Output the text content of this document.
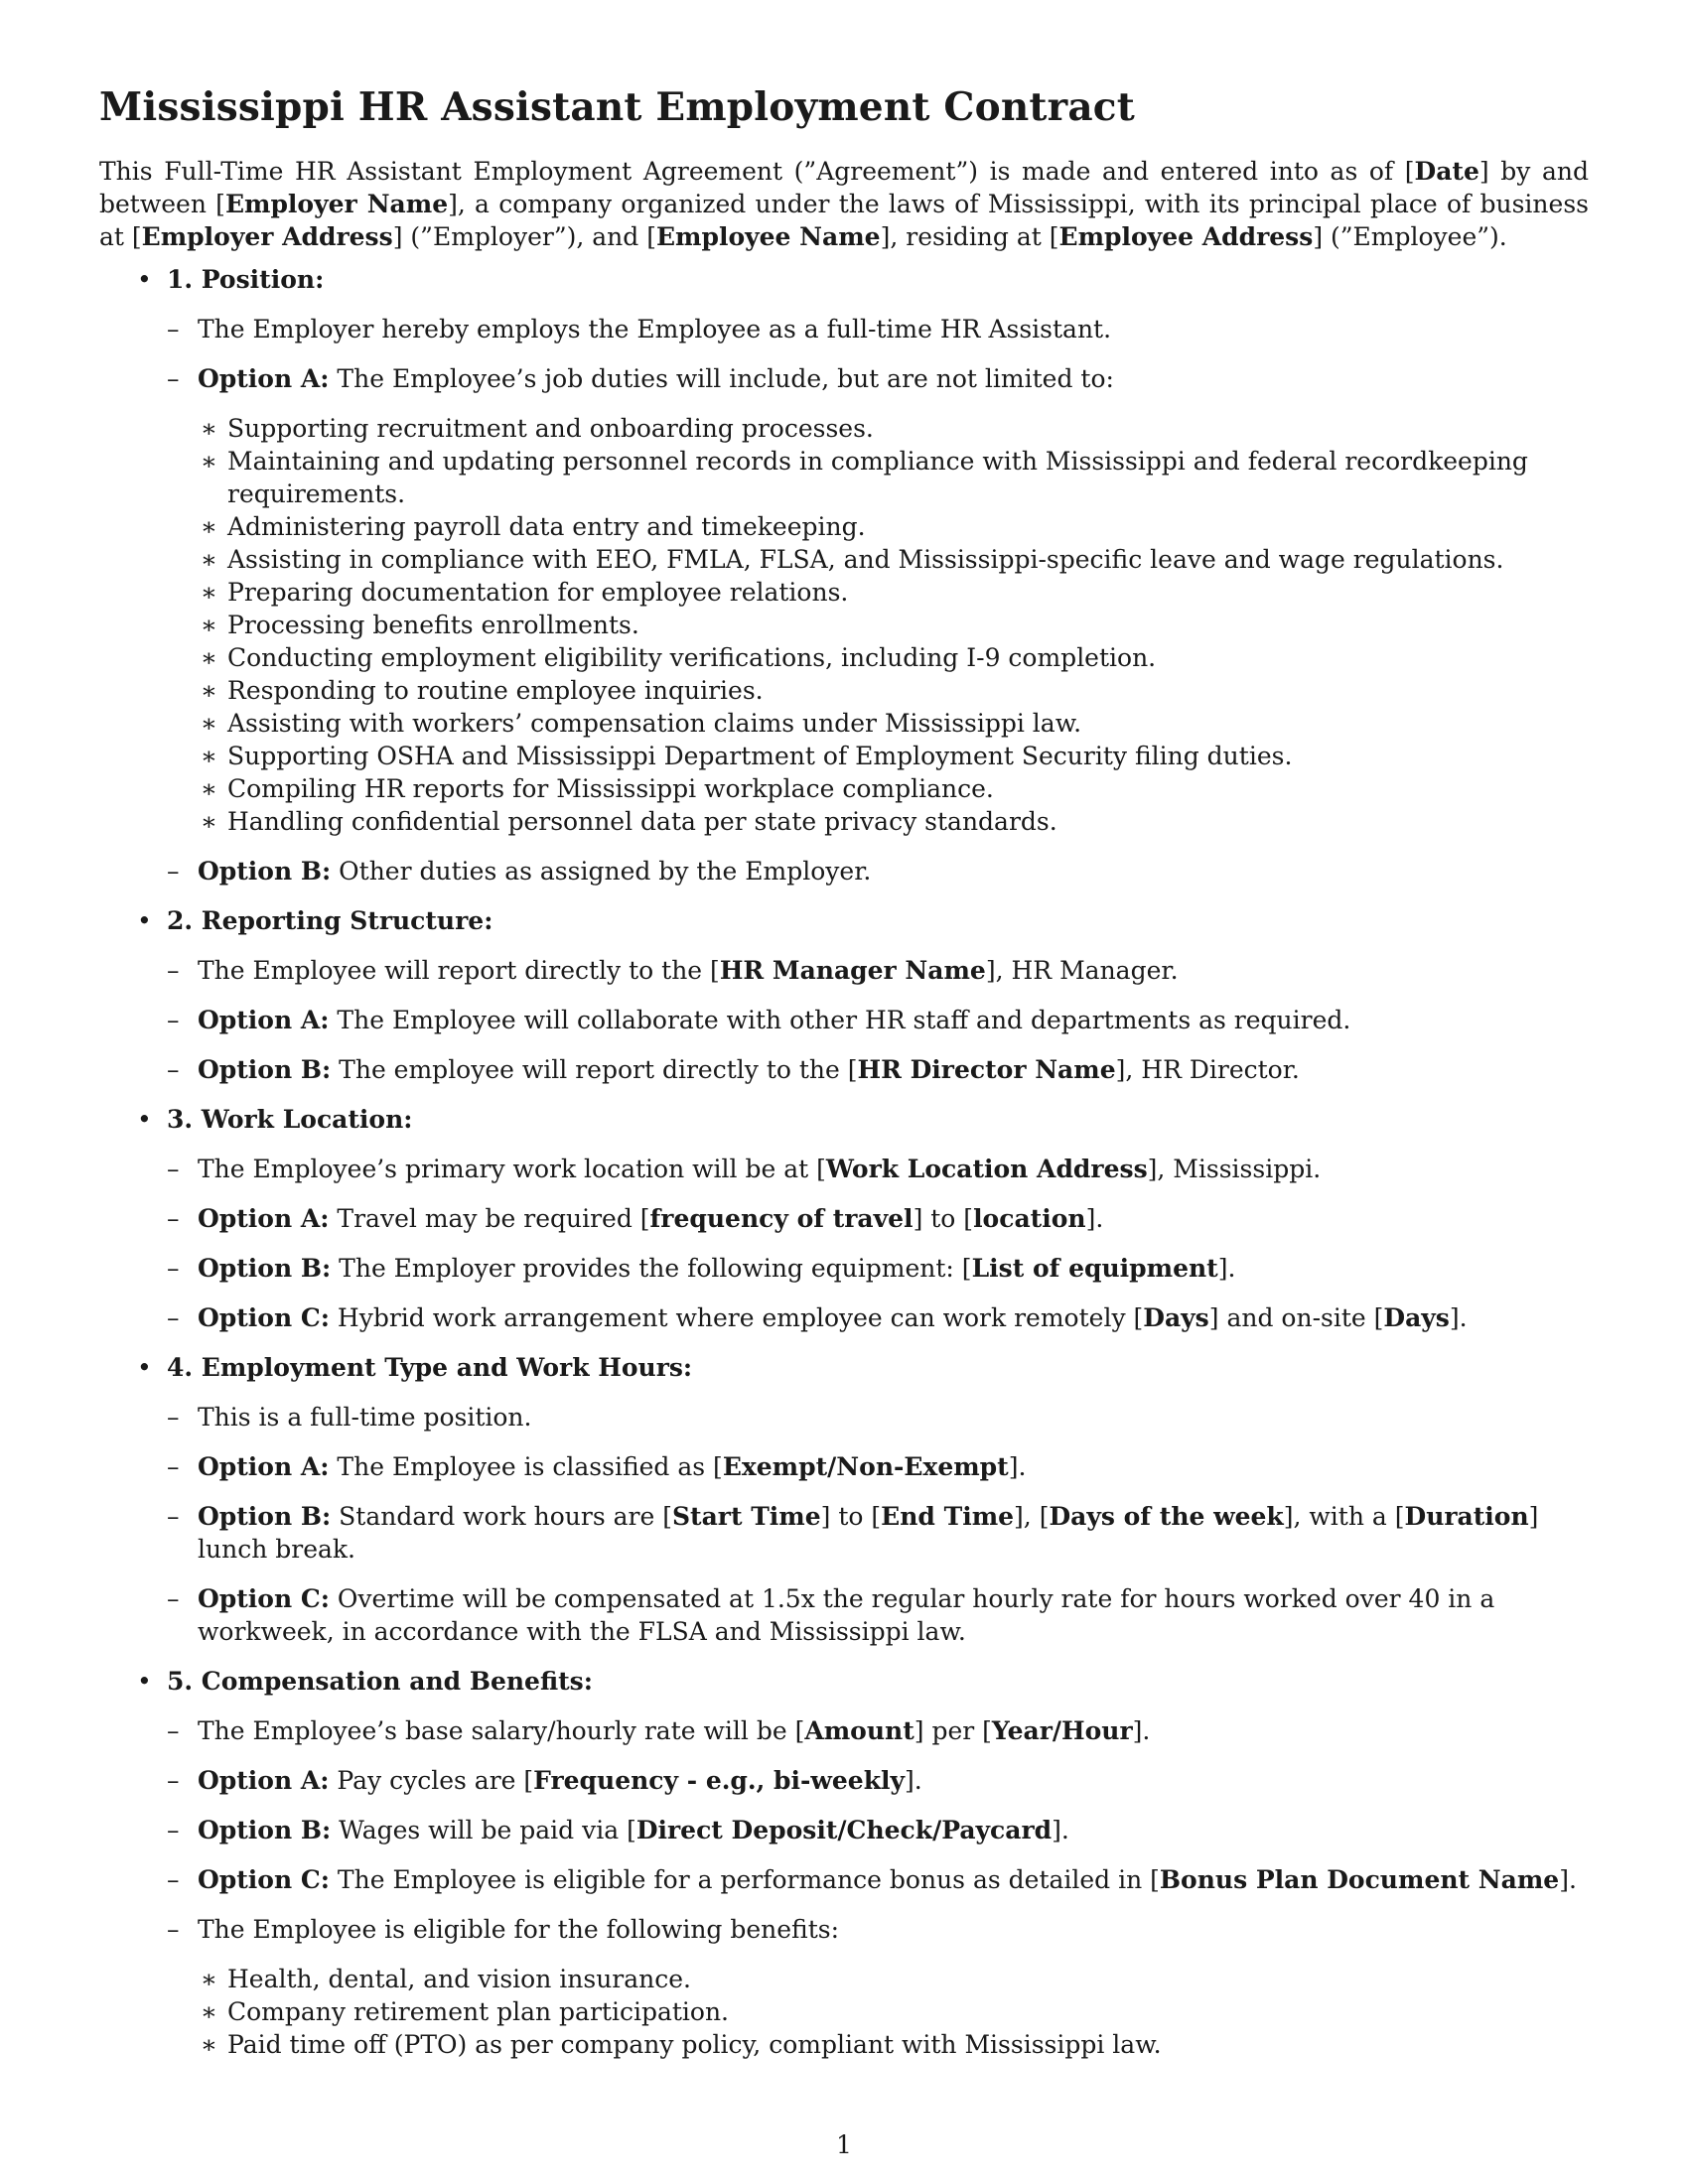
Mississippi HR Assistant Employment Contract

This Full-Time HR Assistant Employment Agreement (”Agreement”) is made and entered into as of [Date] by and between [Employer Name], a company organized under the laws of Mississippi, with its principal place of business at [Employer Address] (”Employer”), and [Employee Name], residing at [Employee Address] (”Employee”).

• 1. Position:
– The Employer hereby employs the Employee as a full-time HR Assistant.
– Option A: The Employee’s job duties will include, but are not limited to:
∗ Supporting recruitment and onboarding processes.
∗ Maintaining and updating personnel records in compliance with Mississippi and federal recordkeeping requirements.
∗ Administering payroll data entry and timekeeping.
∗ Assisting in compliance with EEO, FMLA, FLSA, and Mississippi-specific leave and wage regulations.
∗ Preparing documentation for employee relations.
∗ Processing benefits enrollments.
∗ Conducting employment eligibility verifications, including I-9 completion.
∗ Responding to routine employee inquiries.
∗ Assisting with workers’ compensation claims under Mississippi law.
∗ Supporting OSHA and Mississippi Department of Employment Security filing duties.
∗ Compiling HR reports for Mississippi workplace compliance.
∗ Handling confidential personnel data per state privacy standards.
– Option B: Other duties as assigned by the Employer.
• 2. Reporting Structure:
– The Employee will report directly to the [HR Manager Name], HR Manager.
– Option A: The Employee will collaborate with other HR staff and departments as required.
– Option B: The employee will report directly to the [HR Director Name], HR Director.
• 3. Work Location:
– The Employee’s primary work location will be at [Work Location Address], Mississippi.
– Option A: Travel may be required [frequency of travel] to [location].
– Option B: The Employer provides the following equipment: [List of equipment].
– Option C: Hybrid work arrangement where employee can work remotely [Days] and on-site [Days].
• 4. Employment Type and Work Hours:
– This is a full-time position.
– Option A: The Employee is classified as [Exempt/Non-Exempt].
– Option B: Standard work hours are [Start Time] to [End Time], [Days of the week], with a [Duration] lunch break.
– Option C: Overtime will be compensated at 1.5x the regular hourly rate for hours worked over 40 in a workweek, in accordance with the FLSA and Mississippi law.
• 5. Compensation and Benefits:
– The Employee’s base salary/hourly rate will be [Amount] per [Year/Hour].
– Option A: Pay cycles are [Frequency - e.g., bi-weekly].
– Option B: Wages will be paid via [Direct Deposit/Check/Paycard].
– Option C: The Employee is eligible for a performance bonus as detailed in [Bonus Plan Document Name].
– The Employee is eligible for the following benefits:
∗ Health, dental, and vision insurance.
∗ Company retirement plan participation.
∗ Paid time off (PTO) as per company policy, compliant with Mississippi law.
1
